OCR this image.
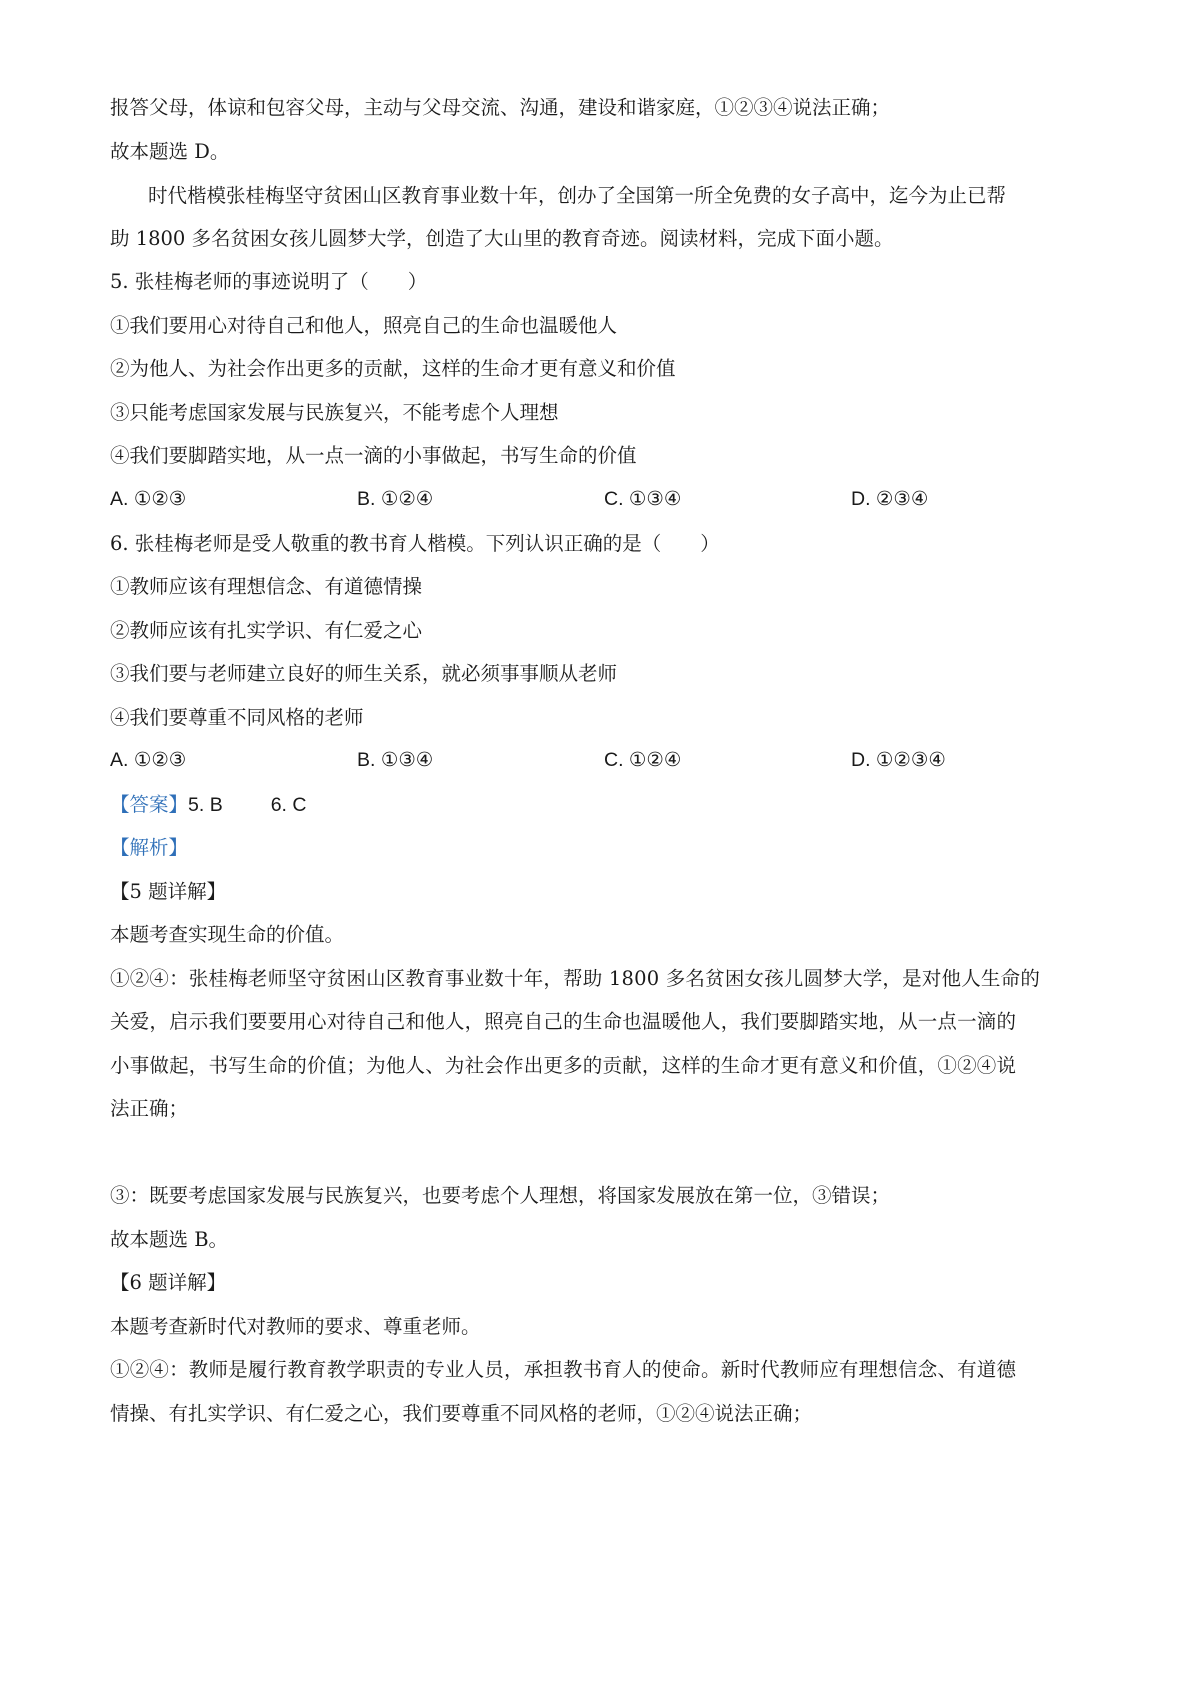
报答父母，体谅和包容父母，主动与父母交流、沟通，建设和谐家庭，①②③④说法正确；
故本题选 D。
时代楷模张桂梅坚守贫困山区教育事业数十年，创办了全国第一所全免费的女子高中，迄今为止已帮
助 1800 多名贫困女孩儿圆梦大学，创造了大山里的教育奇迹。阅读材料，完成下面小题。
5. 张桂梅老师的事迹说明了（　　）
①我们要用心对待自己和他人，照亮自己的生命也温暖他人
②为他人、为社会作出更多的贡献，这样的生命才更有意义和价值
③只能考虑国家发展与民族复兴，不能考虑个人理想
④我们要脚踏实地，从一点一滴的小事做起，书写生命的价值
A. ①②③	B. ①②④	C. ①③④	D. ②③④
6. 张桂梅老师是受人敬重的教书育人楷模。下列认识正确的是（　　）
①教师应该有理想信念、有道德情操
②教师应该有扎实学识、有仁爱之心
③我们要与老师建立良好的师生关系，就必须事事顺从老师
④我们要尊重不同风格的老师
A. ①②③	B. ①③④	C. ①②④	D. ①②③④
【答案】5. B 6. C
【解析】
【5 题详解】
本题考查实现生命的价值。
①②④：张桂梅老师坚守贫困山区教育事业数十年，帮助 1800 多名贫困女孩儿圆梦大学，是对他人生命的
关爱，启示我们要要用心对待自己和他人，照亮自己的生命也温暖他人，我们要脚踏实地，从一点一滴的
小事做起，书写生命的价值；为他人、为社会作出更多的贡献，这样的生命才更有意义和价值，①②④说
法正确；
③：既要考虑国家发展与民族复兴，也要考虑个人理想，将国家发展放在第一位，③错误；
故本题选 B。
【6 题详解】
本题考查新时代对教师的要求、尊重老师。
①②④：教师是履行教育教学职责的专业人员，承担教书育人的使命。新时代教师应有理想信念、有道德
情操、有扎实学识、有仁爱之心，我们要尊重不同风格的老师，①②④说法正确；
